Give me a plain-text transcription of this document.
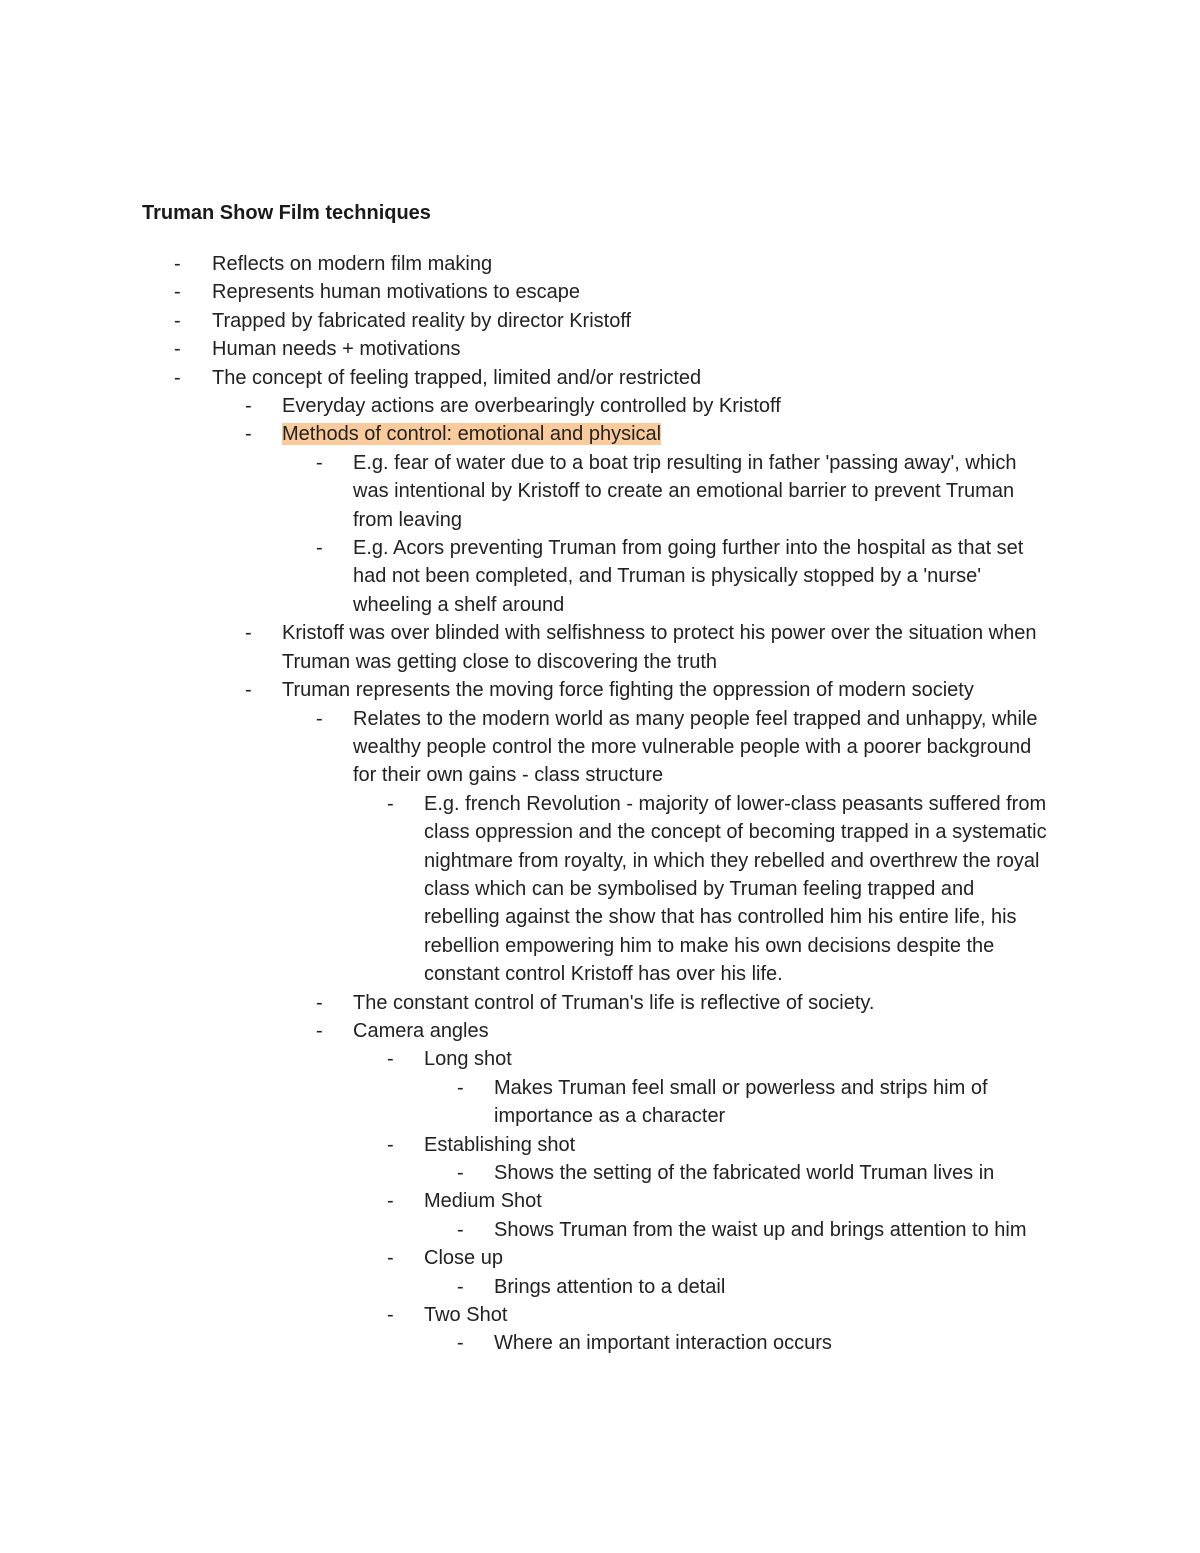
Truman Show Film techniques
- Reflects on modern film making
- Represents human motivations to escape
- Trapped by fabricated reality by director Kristoff
- Human needs + motivations
- The concept of feeling trapped, limited and/or restricted
- Everyday actions are overbearingly controlled by Kristoff
- Methods of control: emotional and physical
- E.g. fear of water due to a boat trip resulting in father 'passing away', which was intentional by Kristoff to create an emotional barrier to prevent Truman from leaving
- E.g. Acors preventing Truman from going further into the hospital as that set had not been completed, and Truman is physically stopped by a 'nurse' wheeling a shelf around
- Kristoff was over blinded with selfishness to protect his power over the situation when Truman was getting close to discovering the truth
- Truman represents the moving force fighting the oppression of modern society
- Relates to the modern world as many people feel trapped and unhappy, while wealthy people control the more vulnerable people with a poorer background for their own gains - class structure
- E.g. french Revolution - majority of lower-class peasants suffered from class oppression and the concept of becoming trapped in a systematic nightmare from royalty, in which they rebelled and overthrew the royal class which can be symbolised by Truman feeling trapped and rebelling against the show that has controlled him his entire life, his rebellion empowering him to make his own decisions despite the constant control Kristoff has over his life.
- The constant control of Truman's life is reflective of society.
- Camera angles
- Long shot
- Makes Truman feel small or powerless and strips him of importance as a character
- Establishing shot
- Shows the setting of the fabricated world Truman lives in
- Medium Shot
- Shows Truman from the waist up and brings attention to him
- Close up
- Brings attention to a detail
- Two Shot
- Where an important interaction occurs
